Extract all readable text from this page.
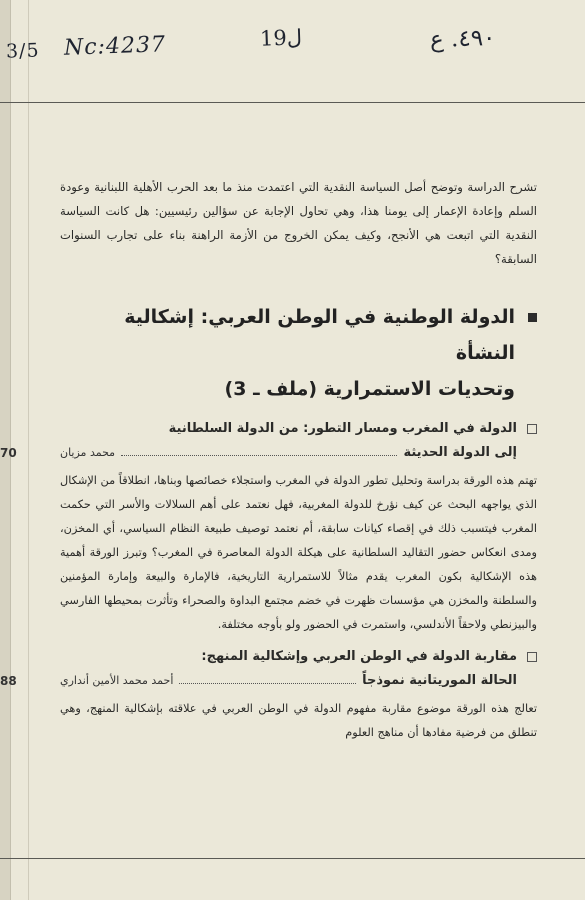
3/5 Nc:4237	ل19	٤٩٠. ع

تشرح الدراسة وتوضح أصل السياسة النقدية التي اعتمدت منذ ما بعد الحرب الأهلية اللبنانية وعودة السلم وإعادة الإعمار إلى يومنا هذا، وهي تحاول الإجابة عن سؤالين رئيسيين: هل كانت السياسة النقدية التي اتبعت هي الأنجح، وكيف يمكن الخروج من الأزمة الراهنة بناء على تجارب السنوات السابقة؟

الدولة الوطنية في الوطن العربي: إشكالية النشأة
وتحديات الاستمرارية (ملف ـ 3)
الدولة في المغرب ومسار التطور: من الدولة السلطانية
إلى الدولة الحديثة
محمد مزيان
70

تهتم هذه الورقة بدراسة وتحليل تطور الدولة في المغرب واستجلاء خصائصها وبناها، انطلاقاً من الإشكال الذي يواجهه البحث عن كيف نؤرخ للدولة المغربية، فهل نعتمد على أهم السلالات والأسر التي حكمت المغرب فيتسبب ذلك في إقصاء كيانات سابقة، أم نعتمد توصيف طبيعة النظام السياسي، أي المخزن، ومدى انعكاس حضور التقاليد السلطانية على هيكلة الدولة المعاصرة في المغرب؟ وتبرز الورقة أهمية هذه الإشكالية بكون المغرب يقدم مثالاً للاستمرارية التاريخية، فالإمارة والبيعة وإمارة المؤمنين والسلطنة والمخزن هي مؤسسات ظهرت في خضم مجتمع البداوة والصحراء وتأثرت بمحيطها الفارسي والبيزنطي ولاحقاً الأندلسي، واستمرت في الحضور ولو بأوجه مختلفة.

مقاربة الدولة في الوطن العربي وإشكالية المنهج:
الحالة الموريتانية نموذجاً
أحمد محمد الأمين أنداري
88

تعالج هذه الورقة موضوع مقاربة مفهوم الدولة في الوطن العربي في علاقته بإشكالية المنهج، وهي تنطلق من فرضية مفادها أن مناهج العلوم
